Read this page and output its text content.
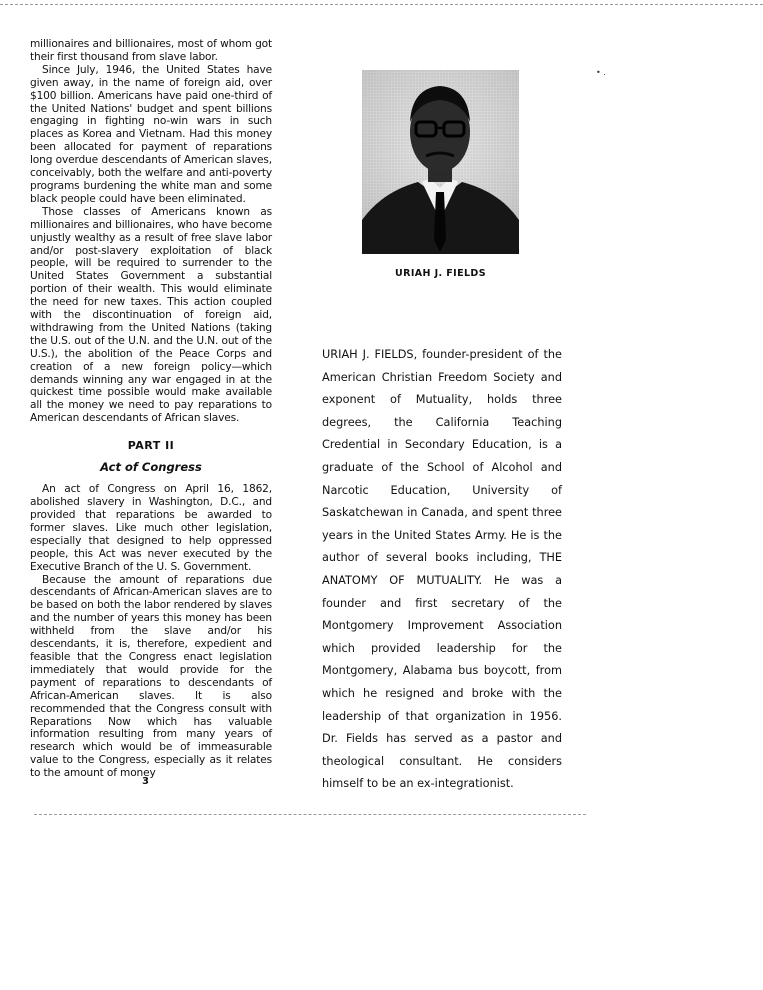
millionaires and billionaires, most of whom got their first thousand from slave labor.

Since July, 1946, the United States have given away, in the name of foreign aid, over $100 billion. Americans have paid one-third of the United Nations' budget and spent billions engaging in fighting no-win wars in such places as Korea and Vietnam. Had this money been allocated for payment of reparations long overdue descendants of American slaves, conceivably, both the welfare and anti-poverty programs burdening the white man and some black people could have been eliminated.

Those classes of Americans known as millionaires and billionaires, who have become unjustly wealthy as a result of free slave labor and/or post-slavery exploitation of black people, will be required to surrender to the United States Government a substantial portion of their wealth. This would eliminate the need for new taxes. This action coupled with the discontinuation of foreign aid, withdrawing from the United Nations (taking the U.S. out of the U.N. and the U.N. out of the U.S.), the abolition of the Peace Corps and creation of a new foreign policy—which demands winning any war engaged in at the quickest time possible would make available all the money we need to pay reparations to American descendants of African slaves.

PART II
Act of Congress

An act of Congress on April 16, 1862, abolished slavery in Washington, D.C., and provided that reparations be awarded to former slaves. Like much other legislation, especially that designed to help oppressed people, this Act was never executed by the Executive Branch of the U. S. Government.

Because the amount of reparations due descendants of African-American slaves are to be based on both the labor rendered by slaves and the number of years this money has been withheld from the slave and/or his descendants, it is, therefore, expedient and feasible that the Congress enact legislation immediately that would provide for the payment of reparations to descendants of African-American slaves. It is also recommended that the Congress consult with Reparations Now which has valuable information resulting from many years of research which would be of immeasurable value to the Congress, especially as it relates to the amount of money

3
URIAH J. FIELDS
• .

URIAH J. FIELDS, founder-president of the American Christian Freedom Society and exponent of Mutuality, holds three degrees, the California Teaching Credential in Secondary Education, is a graduate of the School of Alcohol and Narcotic Education, University of Saskatchewan in Canada, and spent three years in the United States Army. He is the author of several books including, THE ANATOMY OF MUTUALITY. He was a founder and first secretary of the Montgomery Improvement Association which provided leadership for the Montgomery, Alabama bus boycott, from which he resigned and broke with the leadership of that organization in 1956. Dr. Fields has served as a pastor and theological consultant. He considers himself to be an ex-integrationist.
